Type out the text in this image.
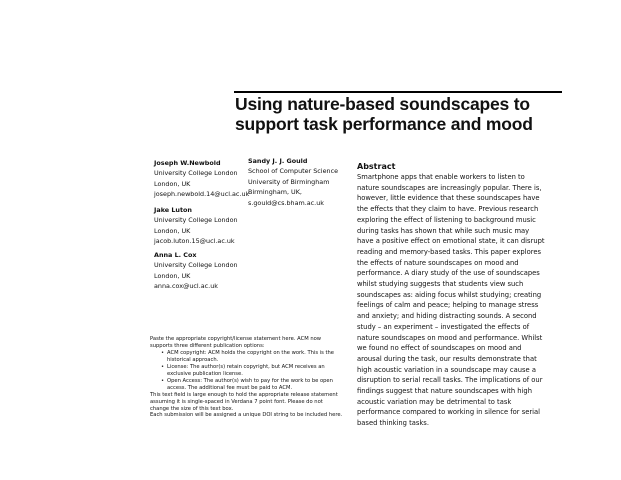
Using nature-based soundscapes to
support task performance and mood
Joseph W.Newbold
University College London
London, UK
joseph.newbold.14@ucl.ac.uk
Jake Luton
University College London
London, UK
jacob.luton.15@ucl.ac.uk
Anna L. Cox
University College London
London, UK
anna.cox@ucl.ac.uk
Sandy J. J. Gould
School of Computer Science
University of Birmingham
Birmingham, UK,
s.gould@cs.bham.ac.uk
Abstract

Smartphone apps that enable workers to listen to
nature soundscapes are increasingly popular. There is,
however, little evidence that these soundscapes have
the effects that they claim to have. Previous research
exploring the effect of listening to background music
during tasks has shown that while such music may
have a positive effect on emotional state, it can disrupt
reading and memory-based tasks. This paper explores
the effects of nature soundscapes on mood and
performance. A diary study of the use of soundscapes
whilst studying suggests that students view such
soundscapes as: aiding focus whilst studying; creating
feelings of calm and peace; helping to manage stress
and anxiety; and hiding distracting sounds. A second
study – an experiment – investigated the effects of
nature soundscapes on mood and performance. Whilst
we found no effect of soundscapes on mood and
arousal during the task, our results demonstrate that
high acoustic variation in a soundscape may cause a
disruption to serial recall tasks. The implications of our
findings suggest that nature soundscapes with high
acoustic variation may be detrimental to task
performance compared to working in silence for serial
based thinking tasks.

Paste the appropriate copyright/license statement here. ACM now
supports three different publication options:
• ACM copyright: ACM holds the copyright on the work. This is the
historical approach.
• License: The author(s) retain copyright, but ACM receives an
exclusive publication license.
• Open Access: The author(s) wish to pay for the work to be open
access. The additional fee must be paid to ACM.
This text field is large enough to hold the appropriate release statement
assuming it is single-spaced in Verdana 7 point font. Please do not
change the size of this text box.
Each submission will be assigned a unique DOI string to be included here.
